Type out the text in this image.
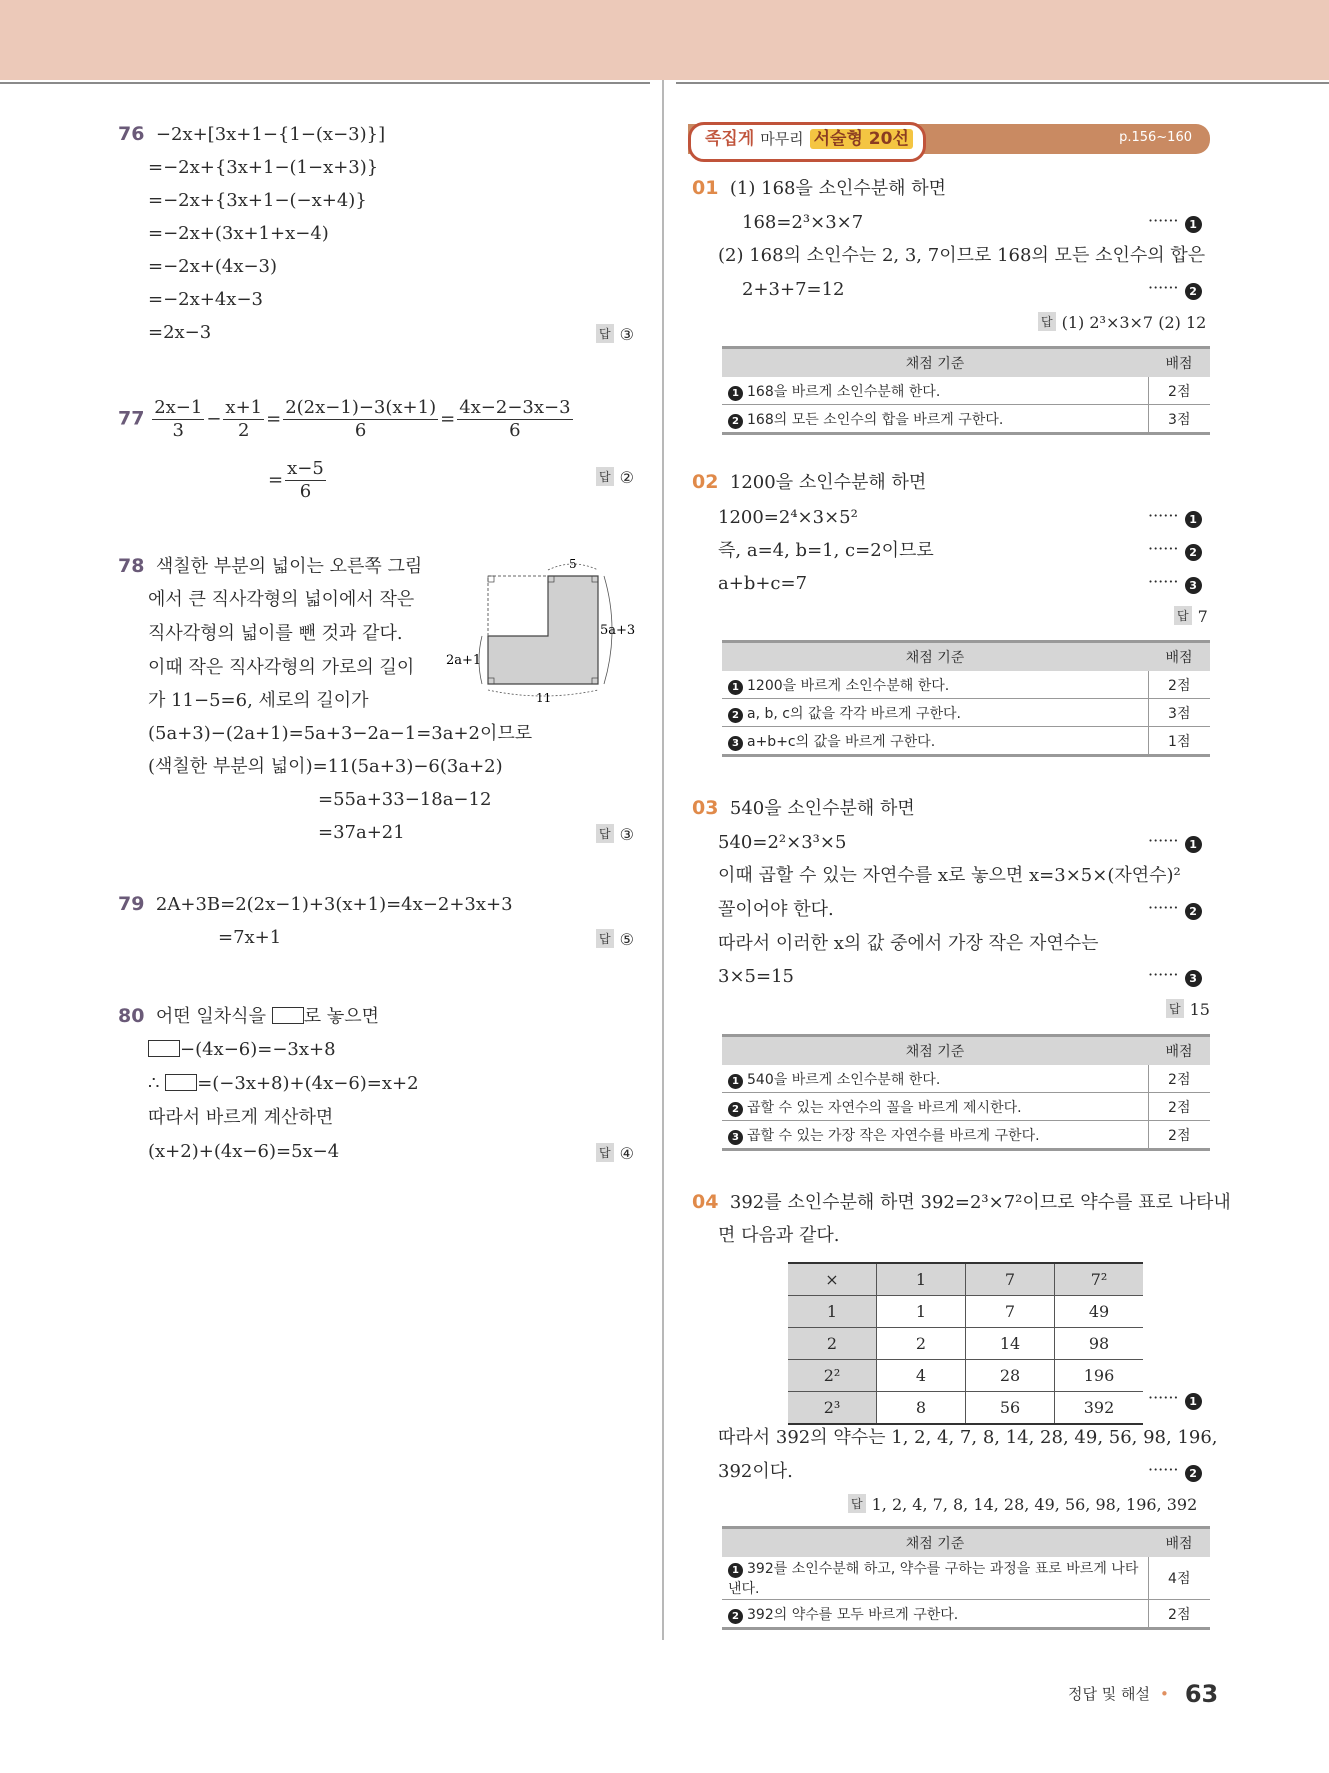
76 −2x+[3x+1−{1−(x−3)}]
=−2x+{3x+1−(1−x+3)}
=−2x+{3x+1−(−x+4)}
=−2x+(3x+1+x−4)
=−2x+(4x−3)
=−2x+4x−3
=2x−3	답 ③
$77 \frac{2x-1}{3} - \frac{x+1}{2} = \frac{2(2x-1)-3(x+1)}{6} = \frac{4x-2-3x-3}{6}$
= $\frac{x-5}{6}$	답 ②
78 색칠한 부분의 넓이는 오른쪽 그림
에서 큰 직사각형의 넓이에서 작은
직사각형의 넓이를 뺀 것과 같다.
이때 작은 직사각형의 가로의 길이
가 11−5=6, 세로의 길이가
(5a+3)−(2a+1)=5a+3−2a−1=3a+2이므로
(색칠한 부분의 넓이)=11(5a+3)−6(3a+2)
=55a+33−18a−12
=37a+21	답 ③
5
5a+3
2a+1
11
79 2A+3B=2(2x−1)+3(x+1)=4x−2+3x+3
=7x+1	답 ⑤
80 어떤 일차식을 로 놓으면
−(4x−6)=−3x+8
∴ =(−3x+8)+(4x−6)=x+2
따라서 바르게 계산하면
(x+2)+(4x−6)=5x−4	답 ④
족집게 마무리 서술형 20선	p.156~160
01 (1) 168을 소인수분해 하면
168=2³×3×7	······ 1
(2) 168의 소인수는 2, 3, 7이므로 168의 모든 소인수의 합은
2+3+7=12	······ 2
답 (1) 2³×3×7 (2) 12
채점 기준	배점
1 168을 바르게 소인수분해 한다.	2점
2 168의 모든 소인수의 합을 바르게 구한다.	3점
02 1200을 소인수분해 하면
1200=2⁴×3×5²	······ 1
즉, a=4, b=1, c=2이므로	······ 2
a+b+c=7	······ 3
답 7
채점 기준	배점
1 1200을 바르게 소인수분해 한다.	2점
2 a, b, c의 값을 각각 바르게 구한다.	3점
3 a+b+c의 값을 바르게 구한다.	1점
03 540을 소인수분해 하면
540=2²×3³×5	······ 1
이때 곱할 수 있는 자연수를 x로 놓으면 x=3×5×(자연수)²
꼴이어야 한다.	······ 2
따라서 이러한 x의 값 중에서 가장 작은 자연수는
3×5=15	······ 3
답 15
채점 기준	배점
1 540을 바르게 소인수분해 한다.	2점
2 곱할 수 있는 자연수의 꼴을 바르게 제시한다.	2점
3 곱할 수 있는 가장 작은 자연수를 바르게 구한다.	2점
04 392를 소인수분해 하면 392=2³×7²이므로 약수를 표로 나타내
면 다음과 같다.
×	1	7	7²
1	1	7	49
2	2	14	98
2²	4	28	196
2³	8	56	392
······ 1
따라서 392의 약수는 1, 2, 4, 7, 8, 14, 28, 49, 56, 98, 196,
392이다.	······ 2
답 1, 2, 4, 7, 8, 14, 28, 49, 56, 98, 196, 392
채점 기준	배점
1 392를 소인수분해 하고, 약수를 구하는 과정을 표로 바르게 나타낸다.	4점
2 392의 약수를 모두 바르게 구한다.	2점
정답 및 해설 • 63
